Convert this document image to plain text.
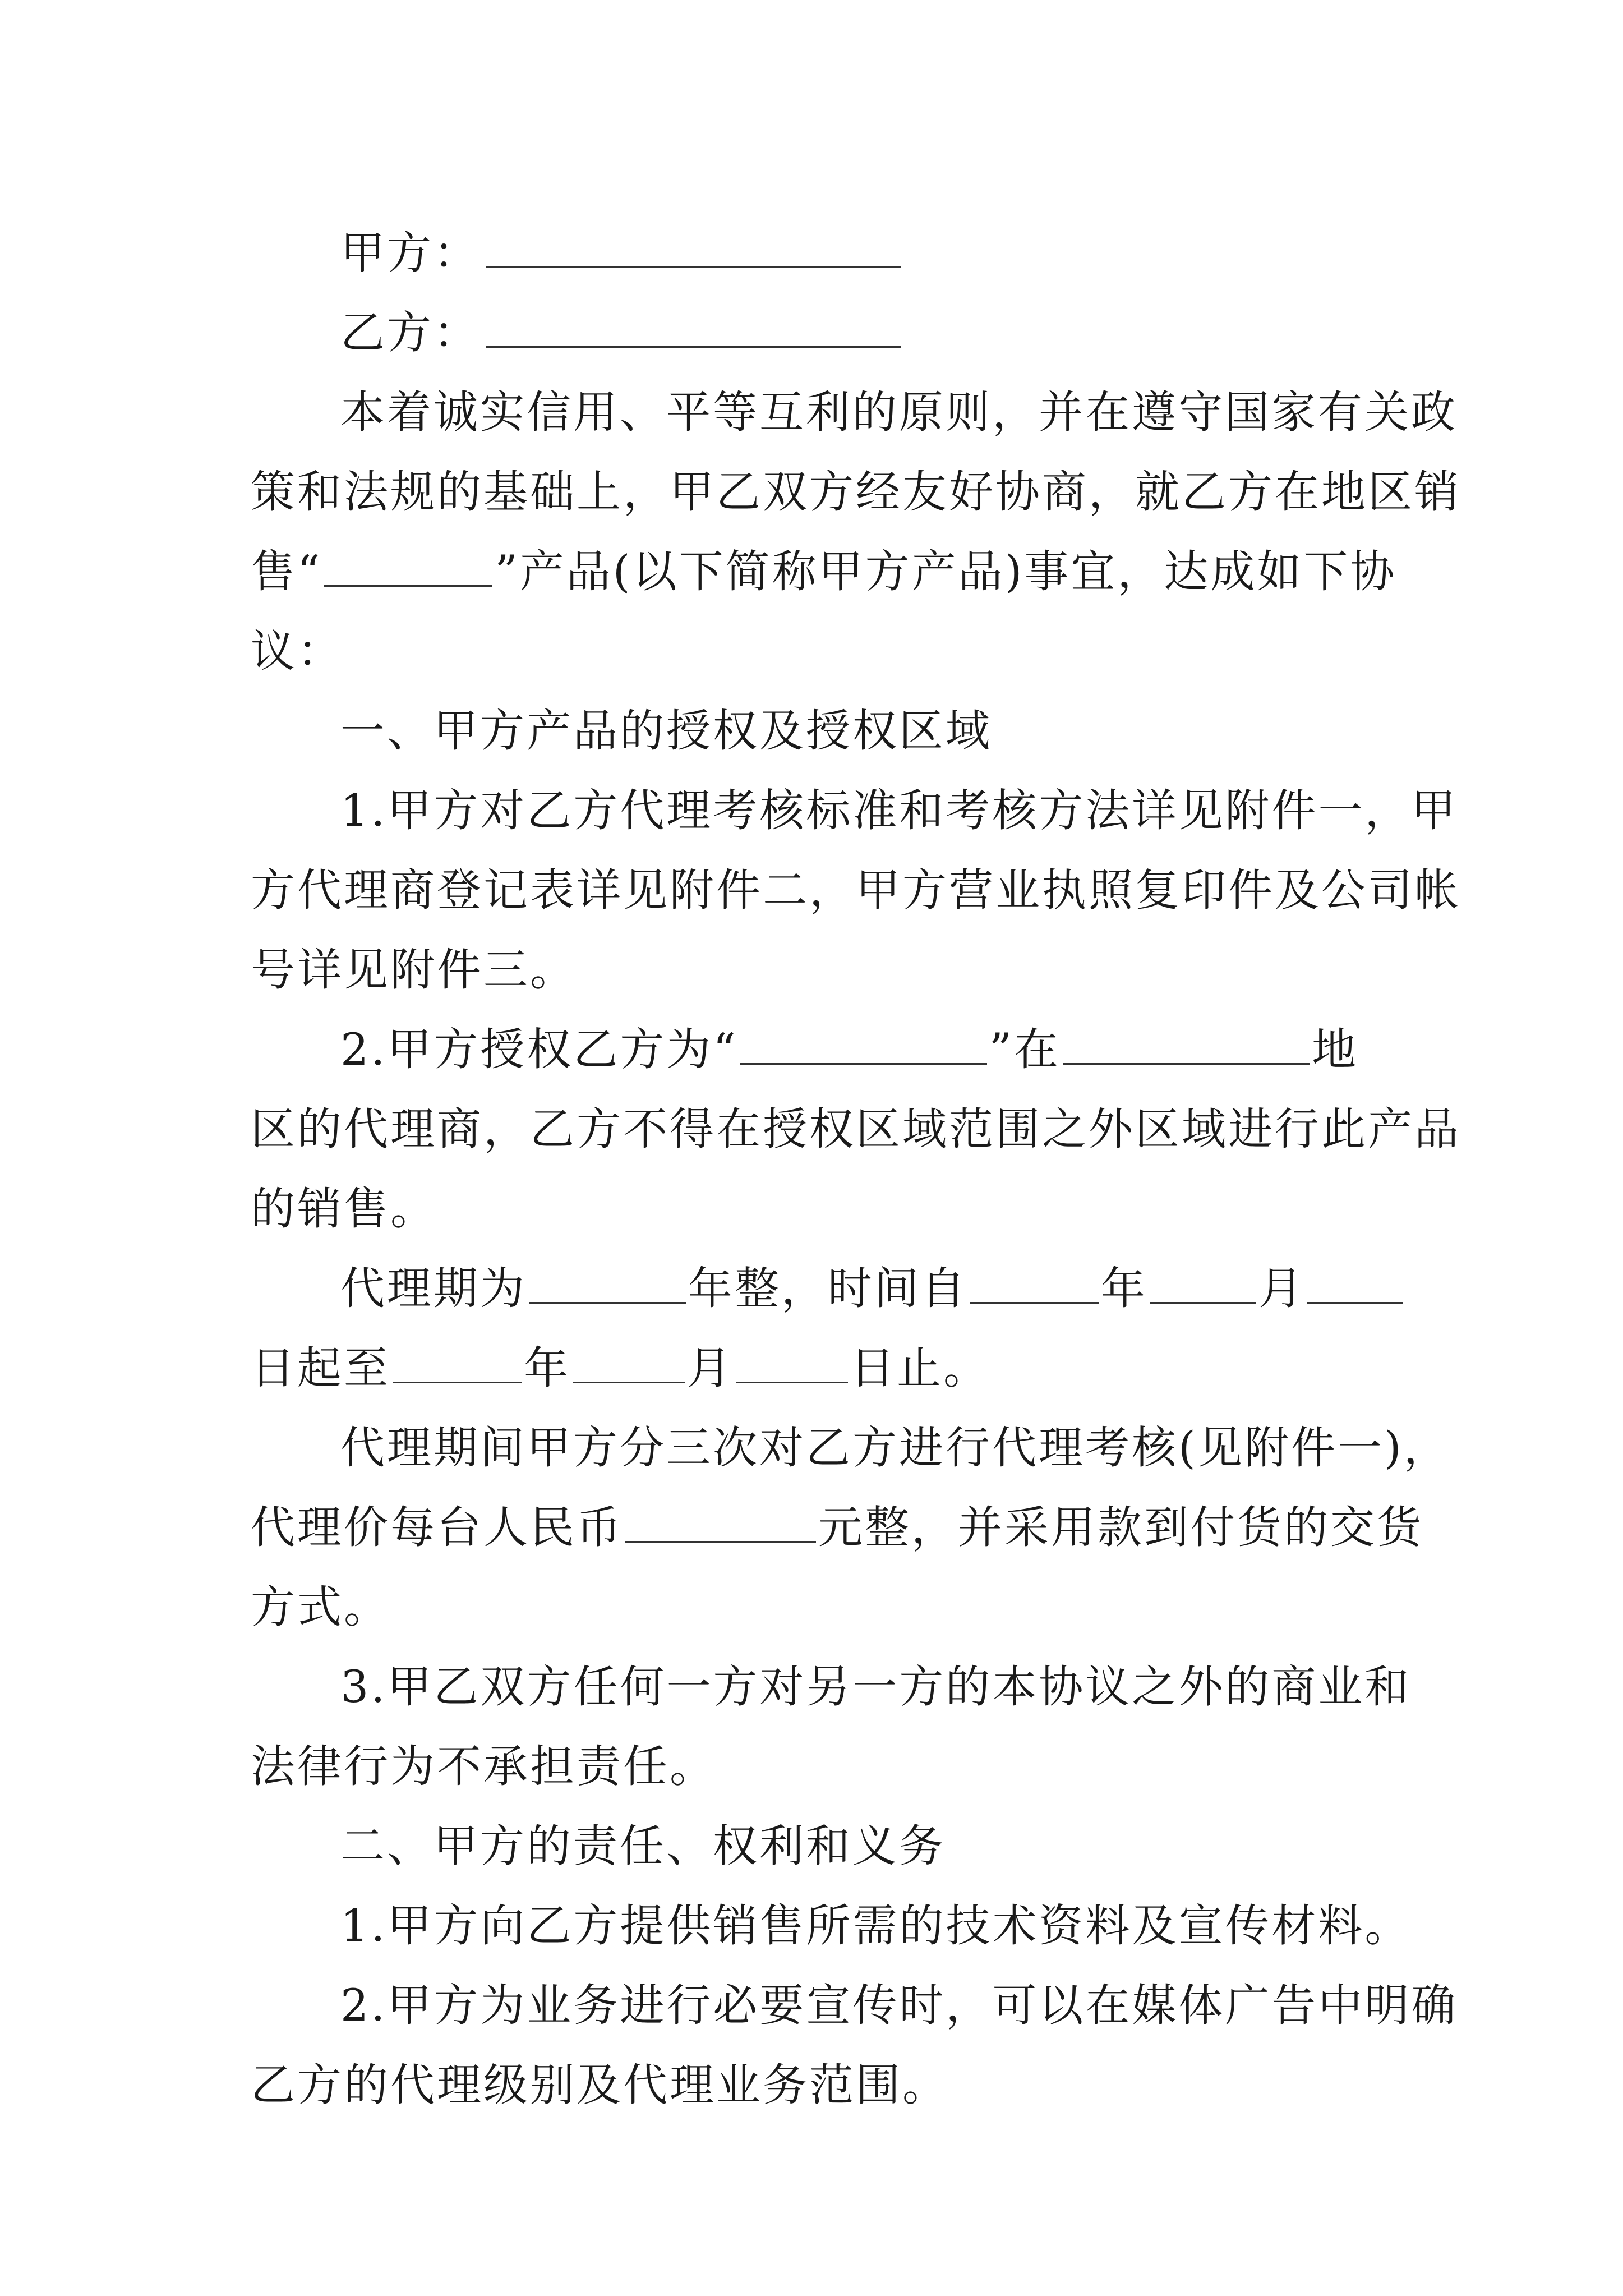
甲方：
乙方：
本着诚实信用、平等互利的原则，并在遵守国家有关政
策和法规的基础上，甲乙双方经友好协商，就乙方在地区销
售“	”产品(以下简称甲方产品)事宜，达成如下协
议：
一、甲方产品的授权及授权区域
1.甲方对乙方代理考核标准和考核方法详见附件一，甲
方代理商登记表详见附件二，甲方营业执照复印件及公司帐
号详见附件三。
2.甲方授权乙方为“	”在	地
区的代理商，乙方不得在授权区域范围之外区域进行此产品
的销售。
代理期为	年整，时间自	年	月
日起至	年	月	日止。
代理期间甲方分三次对乙方进行代理考核(见附件一)，
代理价每台人民币	元整，并采用款到付货的交货
方式。
3.甲乙双方任何一方对另一方的本协议之外的商业和
法律行为不承担责任。
二、甲方的责任、权利和义务
1.甲方向乙方提供销售所需的技术资料及宣传材料。
2.甲方为业务进行必要宣传时，可以在媒体广告中明确
乙方的代理级别及代理业务范围。
